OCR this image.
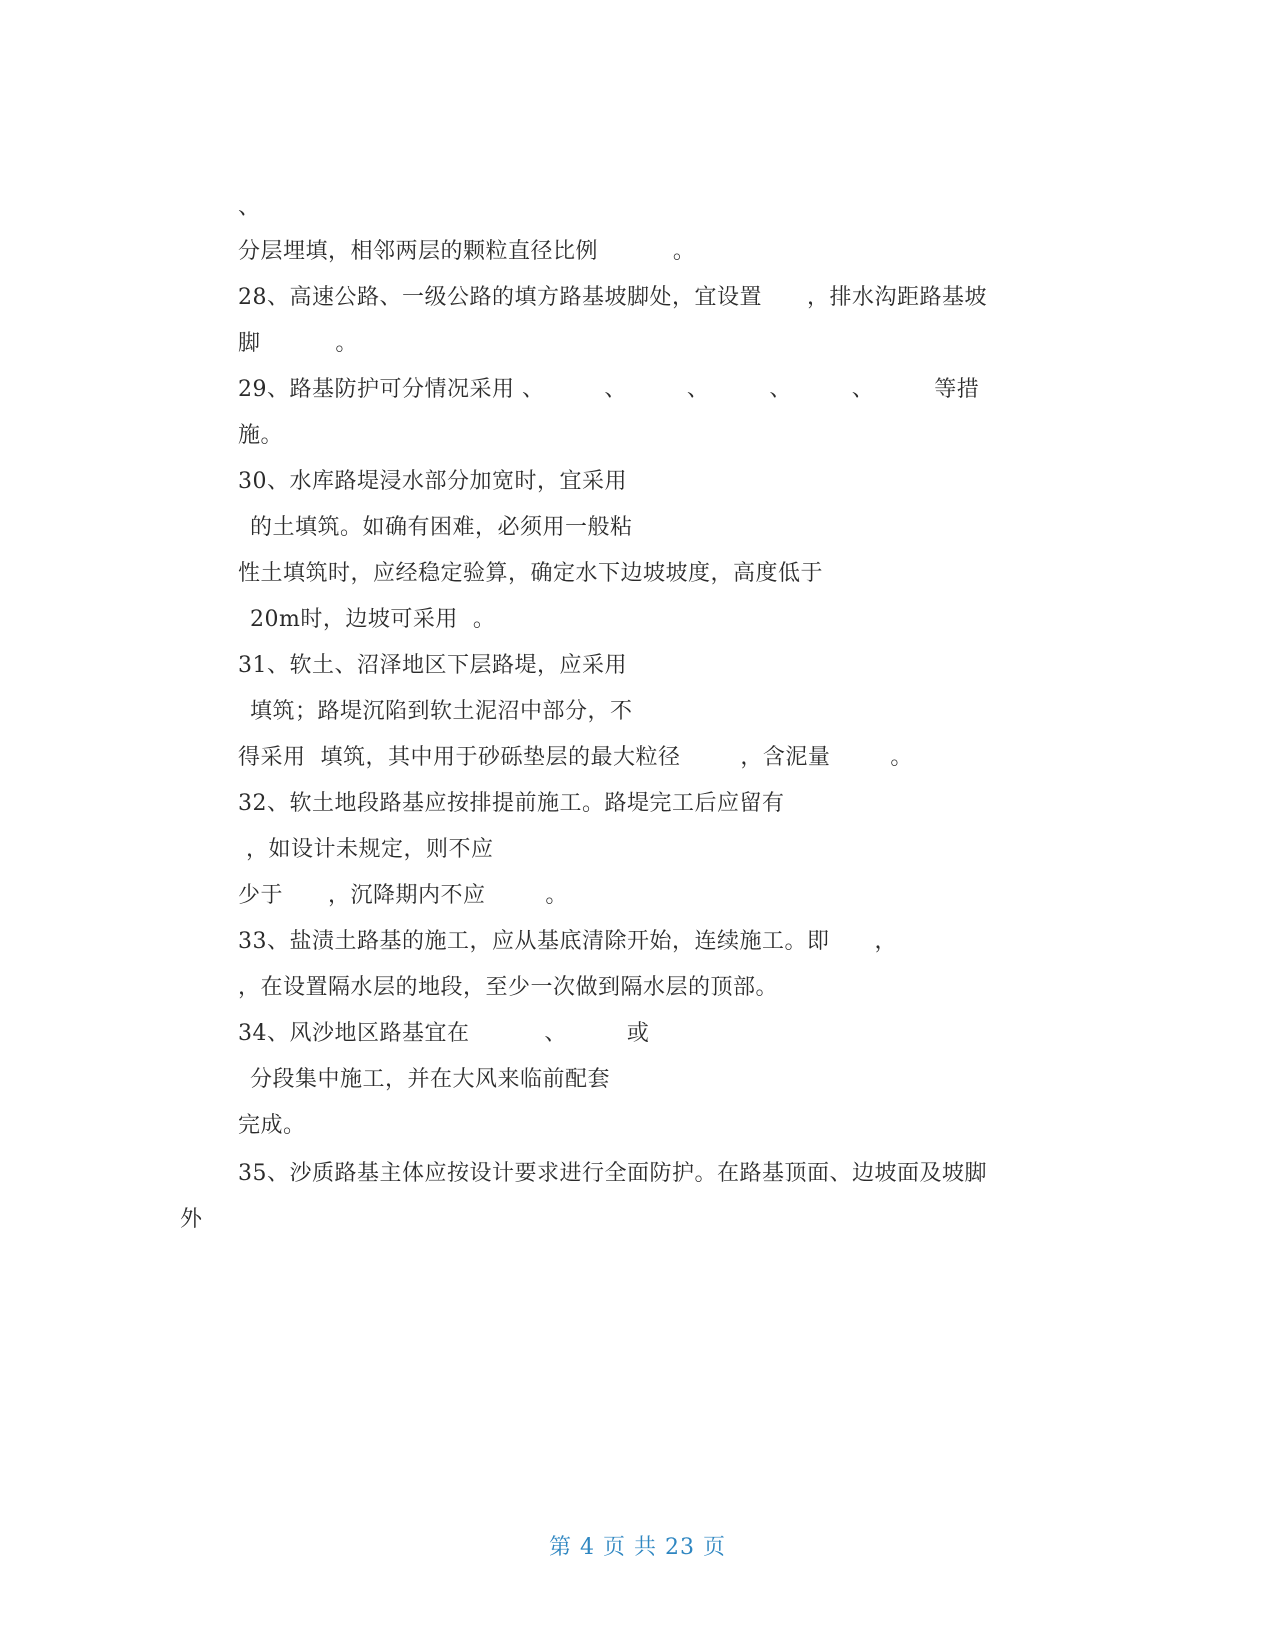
、
分层埋填，相邻两层的颗粒直径比例          。
28、高速公路、一级公路的填方路基坡脚处，宜设置      ，排水沟距路基坡
脚          。
29、路基防护可分情况采用 、        、        、        、        、        等措
施。
30、水库路堤浸水部分加宽时，宜采用
的土填筑。如确有困难，必须用一般粘
性土填筑时，应经稳定验算，确定水下边坡坡度，高度低于
20m时，边坡可采用  。
31、软土、沼泽地区下层路堤，应采用
填筑；路堤沉陷到软土泥沼中部分，不
得采用  填筑，其中用于砂砾垫层的最大粒径        ，含泥量        。
32、软土地段路基应按排提前施工。路堤完工后应留有
，如设计未规定，则不应
少于      ，沉降期内不应        。
33、盐渍土路基的施工，应从基底清除开始，连续施工。即      ，
，在设置隔水层的地段，至少一次做到隔水层的顶部。
34、风沙地区路基宜在          、        或
分段集中施工，并在大风来临前配套
完成。
35、沙质路基主体应按设计要求进行全面防护。在路基顶面、边坡面及坡脚
外
第 4 页 共 23 页
